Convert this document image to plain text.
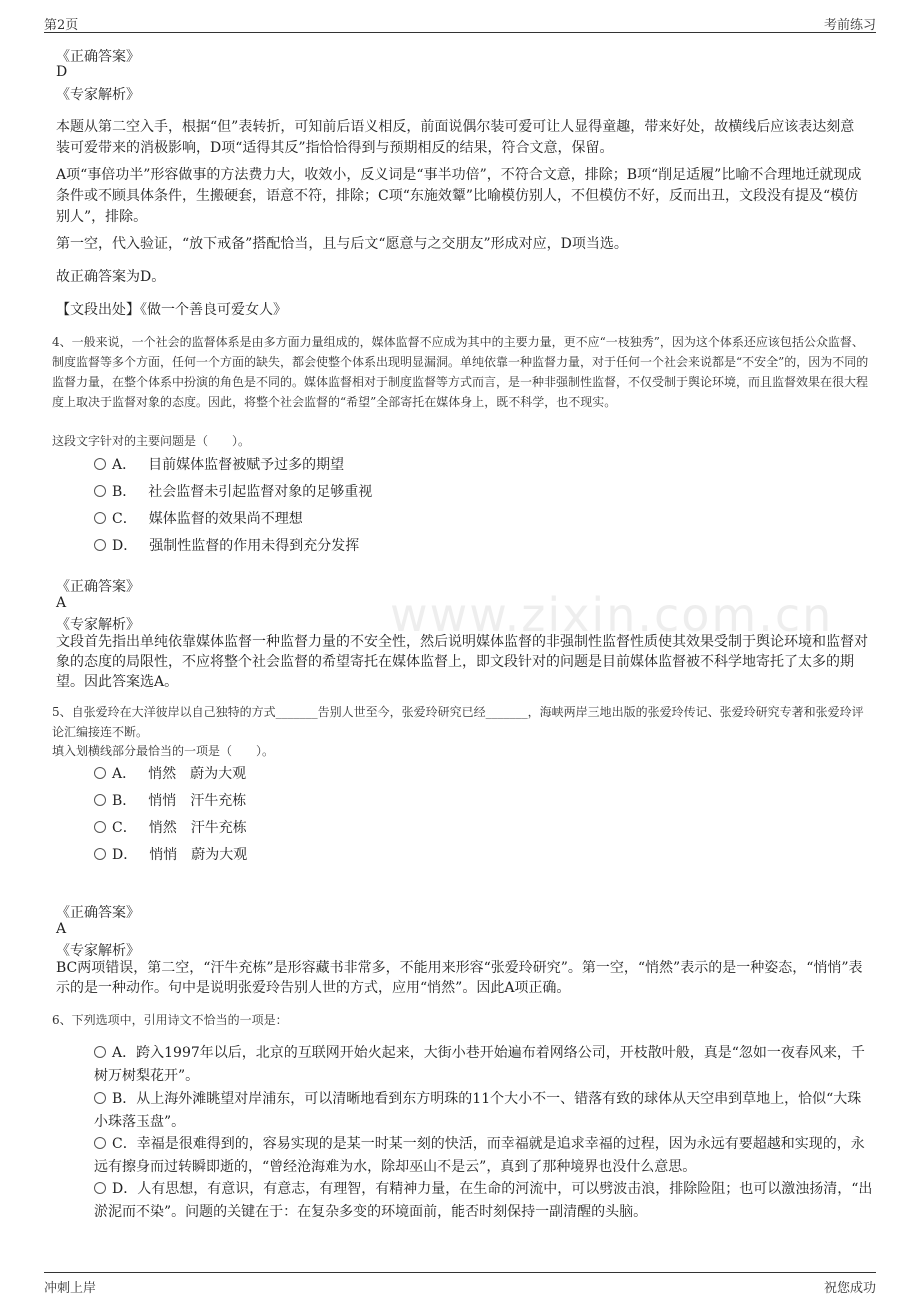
第2页	考前练习
www.zixin.com.cn
《正确答案》
D
《专家解析》
本题从第二空入手，根据“但”表转折，可知前后语义相反，前面说偶尔装可爱可让人显得童趣，带来好处，故横线后应该表达刻意装可爱带来的消极影响，D项“适得其反”指恰恰得到与预期相反的结果，符合文意，保留。
A项“事倍功半”形容做事的方法费力大，收效小，反义词是“事半功倍”，不符合文意，排除；B项“削足适履”比喻不合理地迁就现成条件或不顾具体条件，生搬硬套，语意不符，排除；C项“东施效颦”比喻模仿别人，不但模仿不好，反而出丑，文段没有提及“模仿别人”，排除。
第一空，代入验证，“放下戒备”搭配恰当，且与后文“愿意与之交朋友”形成对应，D项当选。
故正确答案为D。
【文段出处】《做一个善良可爱女人》
4、一般来说，一个社会的监督体系是由多方面力量组成的，媒体监督不应成为其中的主要力量，更不应“一枝独秀”，因为这个体系还应该包括公众监督、制度监督等多个方面，任何一个方面的缺失，都会使整个体系出现明显漏洞。单纯依靠一种监督力量，对于任何一个社会来说都是“不安全”的，因为不同的监督力量，在整个体系中扮演的角色是不同的。媒体监督相对于制度监督等方式而言，是一种非强制性监督，不仅受制于舆论环境，而且监督效果在很大程度上取决于监督对象的态度。因此，将整个社会监督的“希望”全部寄托在媒体身上，既不科学，也不现实。
这段文字针对的主要问题是（　　）。
A． 目前媒体监督被赋予过多的期望
B． 社会监督未引起监督对象的足够重视
C． 媒体监督的效果尚不理想
D． 强制性监督的作用未得到充分发挥
《正确答案》
A
《专家解析》
文段首先指出单纯依靠媒体监督一种监督力量的不安全性，然后说明媒体监督的非强制性监督性质使其效果受制于舆论环境和监督对象的态度的局限性，不应将整个社会监督的希望寄托在媒体监督上，即文段针对的问题是目前媒体监督被不科学地寄托了太多的期望。因此答案选A。
5、自张爱玲在大洋彼岸以自己独特的方式_______告别人世至今，张爱玲研究已经_______，海峡两岸三地出版的张爱玲传记、张爱玲研究专著和张爱玲评论汇编接连不断。
填入划横线部分最恰当的一项是（　　）。
A． 悄然　蔚为大观
B． 悄悄　汗牛充栋
C． 悄然　汗牛充栋
D． 悄悄　蔚为大观
《正确答案》
A
《专家解析》
BC两项错误，第二空，“汗牛充栋”是形容藏书非常多，不能用来形容“张爱玲研究”。第一空，“悄然”表示的是一种姿态，“悄悄”表示的是一种动作。句中是说明张爱玲告别人世的方式，应用“悄然”。因此A项正确。
6、下列选项中，引用诗文不恰当的一项是：
A．跨入1997年以后，北京的互联网开始火起来，大街小巷开始遍布着网络公司，开枝散叶般，真是“忽如一夜春风来，千树万树梨花开”。
B．从上海外滩眺望对岸浦东，可以清晰地看到东方明珠的11个大小不一、错落有致的球体从天空串到草地上，恰似“大珠小珠落玉盘”。
C．幸福是很难得到的，容易实现的是某一时某一刻的快活，而幸福就是追求幸福的过程，因为永远有要超越和实现的，永远有擦身而过转瞬即逝的，“曾经沧海难为水，除却巫山不是云”，真到了那种境界也没什么意思。
D．人有思想，有意识，有意志，有理智，有精神力量，在生命的河流中，可以劈波击浪，排除险阻；也可以激浊扬清，“出淤泥而不染”。问题的关键在于：在复杂多变的环境面前，能否时刻保持一副清醒的头脑。
冲刺上岸	祝您成功
